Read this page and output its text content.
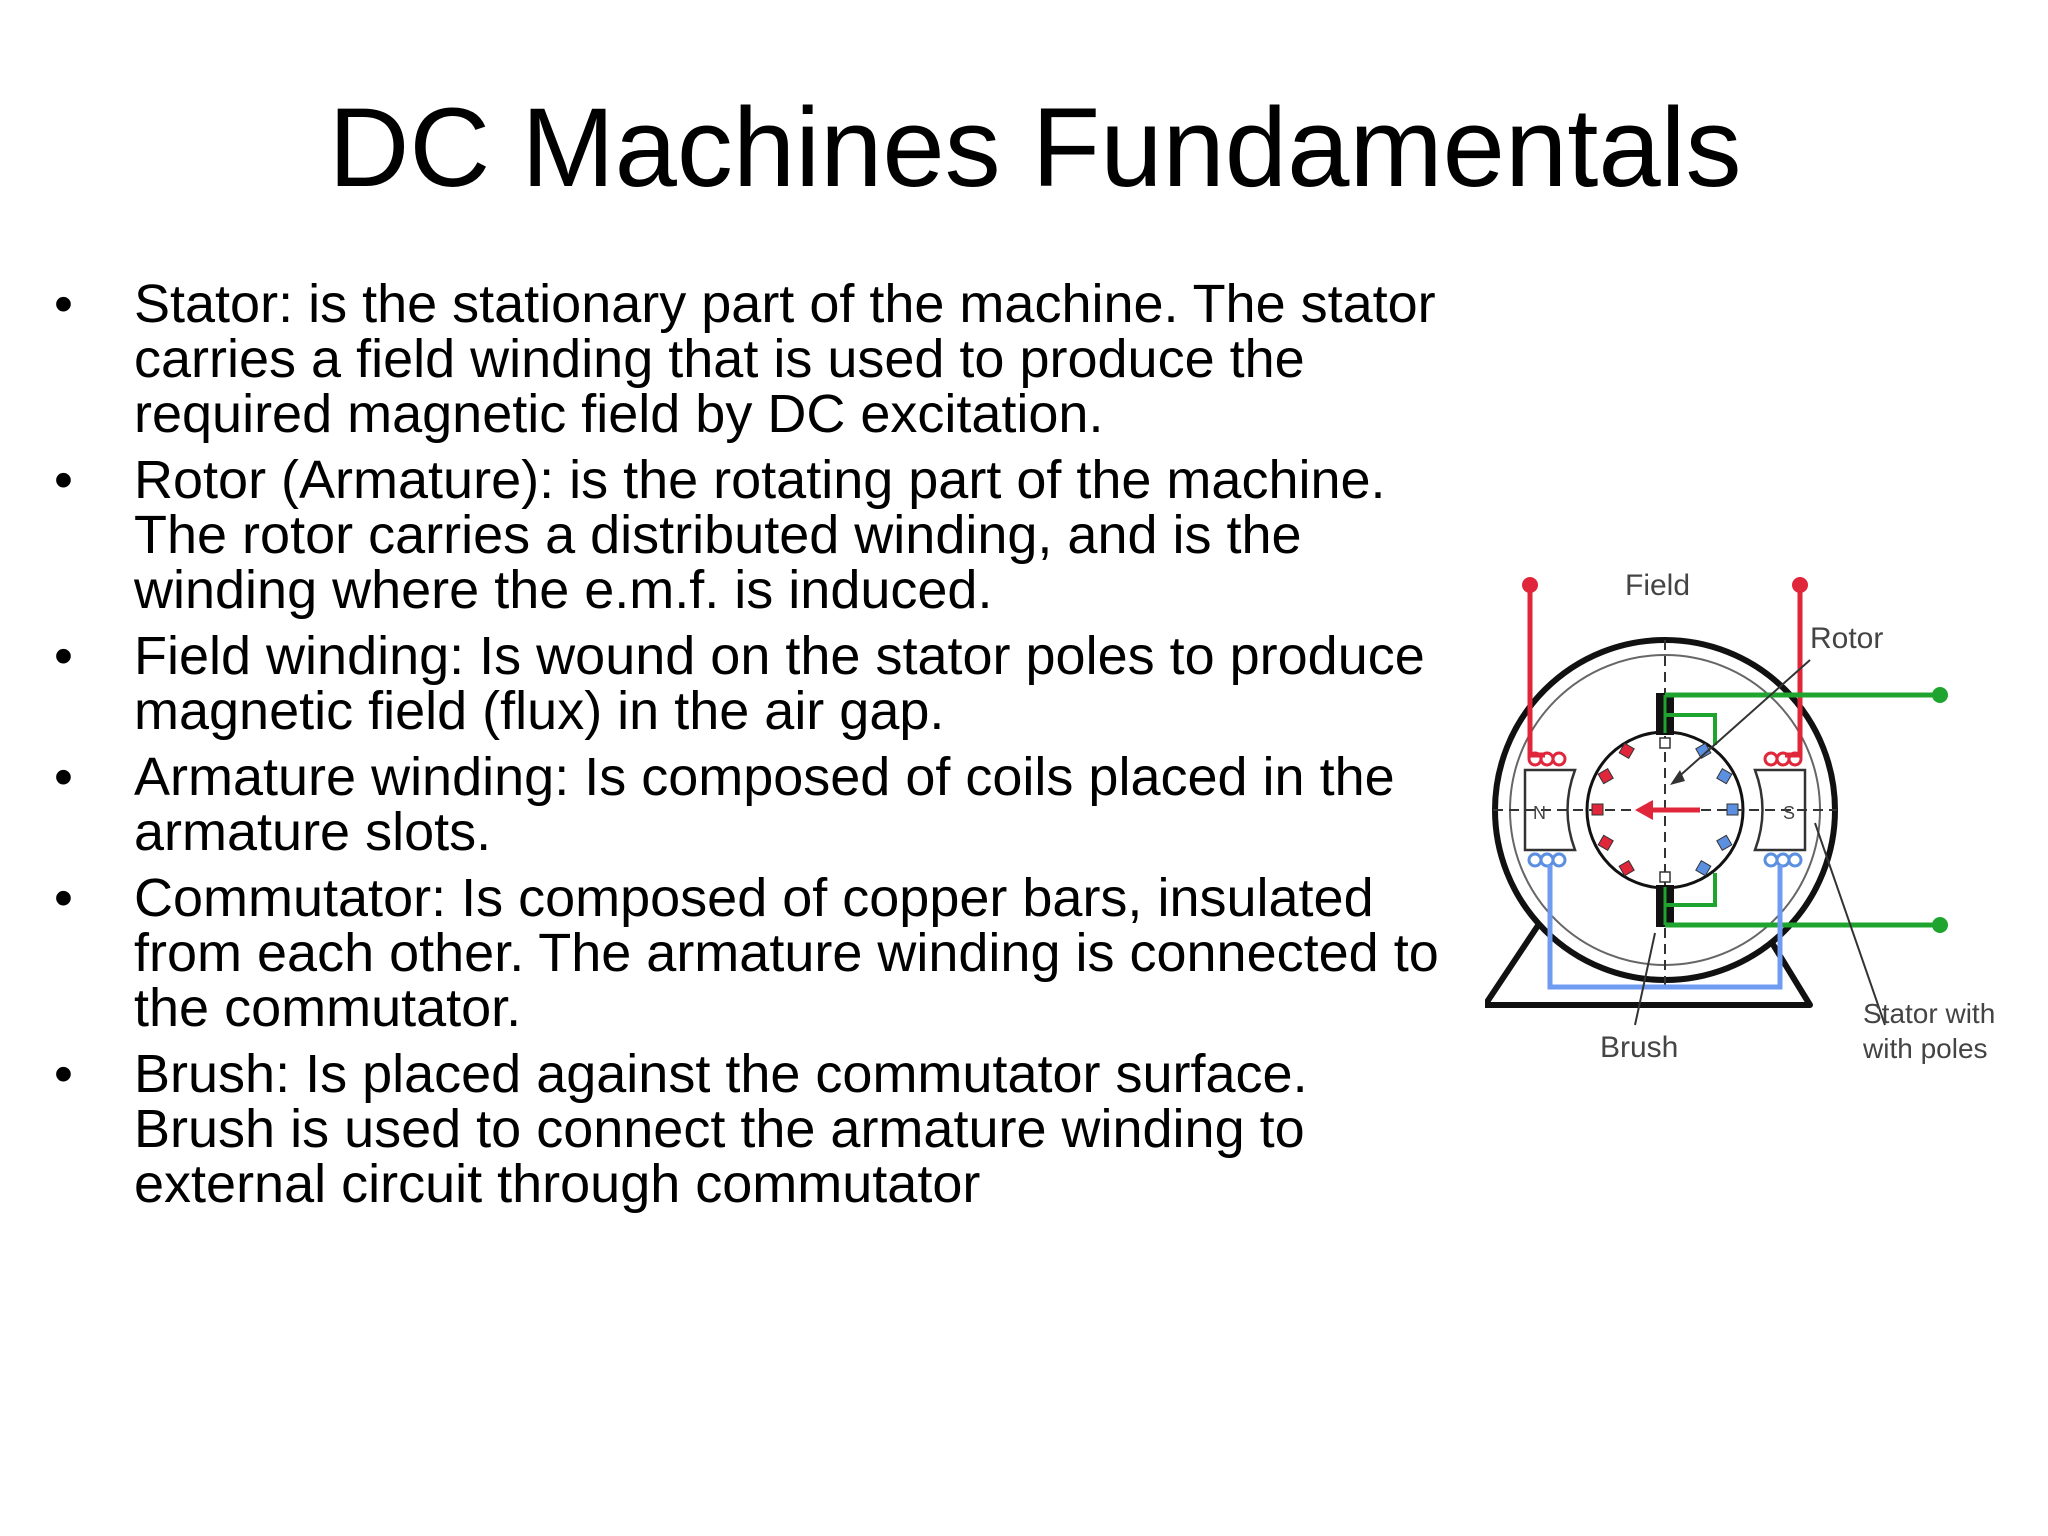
DC Machines Fundamentals
• Stator: is the stationary part of the machine. The stator carries a field winding that is used to produce the required magnetic field by DC excitation.
• Rotor (Armature): is the rotating part of the machine. The rotor carries a distributed winding, and is the winding where the e.m.f. is induced.
• Field winding: Is wound on the stator poles to produce magnetic field (flux) in the air gap.
• Armature winding: Is composed of coils placed in the armature slots.
• Commutator: Is composed of copper bars, insulated from each other. The armature winding is connected to the commutator.
• Brush: Is placed against the commutator surface. Brush is used to connect the armature winding to external circuit through commutator
Field
Rotor
Brush
Stator with
with poles
N	S
